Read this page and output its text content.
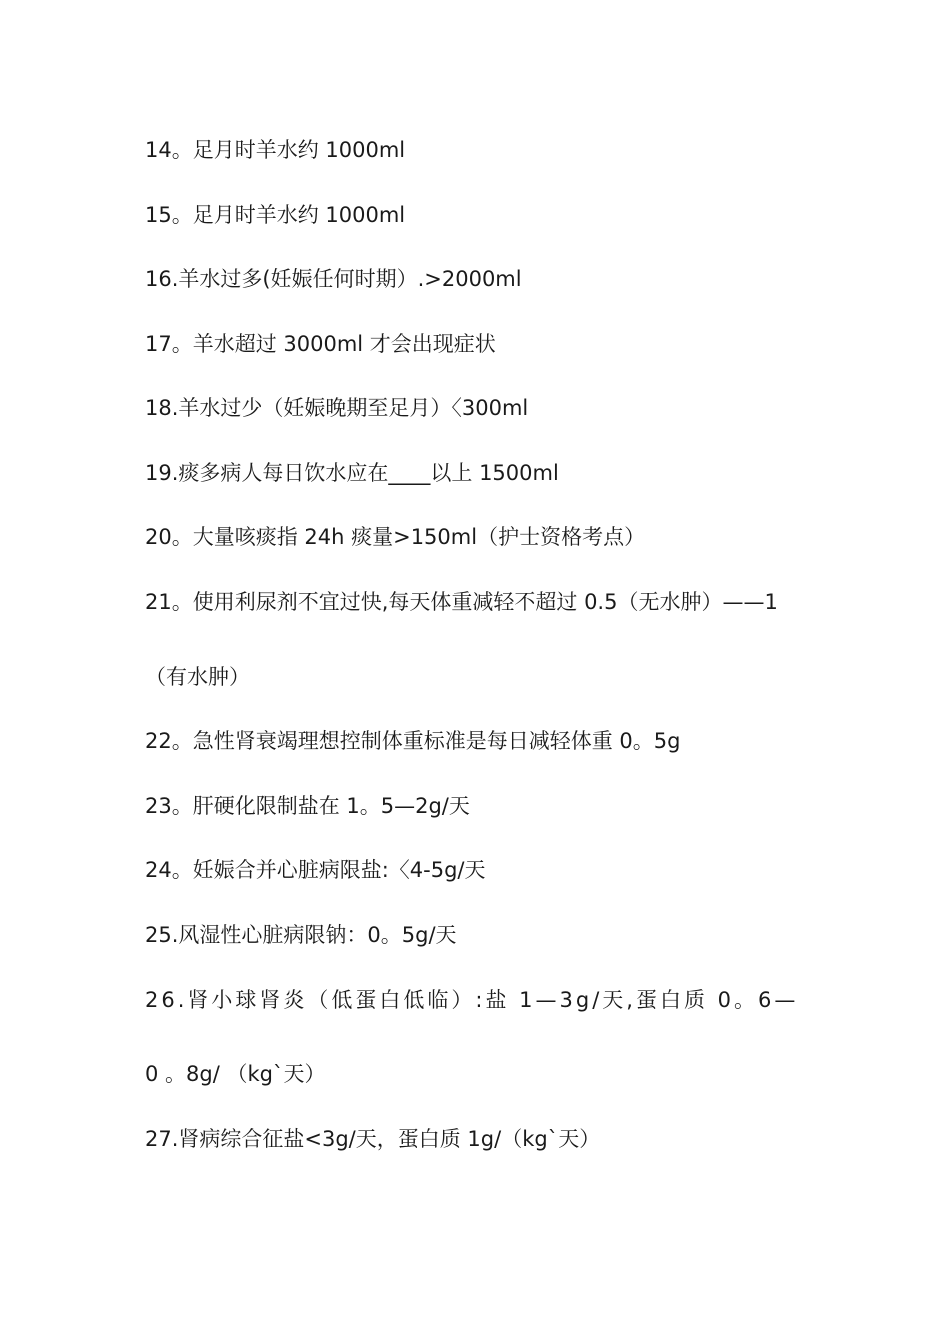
14。足月时羊水约 1000ml
15。足月时羊水约 1000ml
16.羊水过多(妊娠任何时期）.>2000ml
17。羊水超过 3000ml 才会出现症状
18.羊水过少（妊娠晚期至足月）〈300ml
19.痰多病人每日饮水应在____以上 1500ml
20。大量咳痰指 24h 痰量>150ml（护士资格考点）
21。使用利尿剂不宜过快,每天体重减轻不超过 0.5（无水肿）——1
（有水肿）
22。急性肾衰竭理想控制体重标准是每日减轻体重 0。5g
23。肝硬化限制盐在 1。5—2g/天
24。妊娠合并心脏病限盐:〈4-5g/天
25.风湿性心脏病限钠：0。5g/天
26.肾小球肾炎（低蛋白低临）:盐 1—3g/天,蛋白质 0。6—
0 。8g/ （kg`天）
27.肾病综合征盐<3g/天，蛋白质 1g/（kg`天）
